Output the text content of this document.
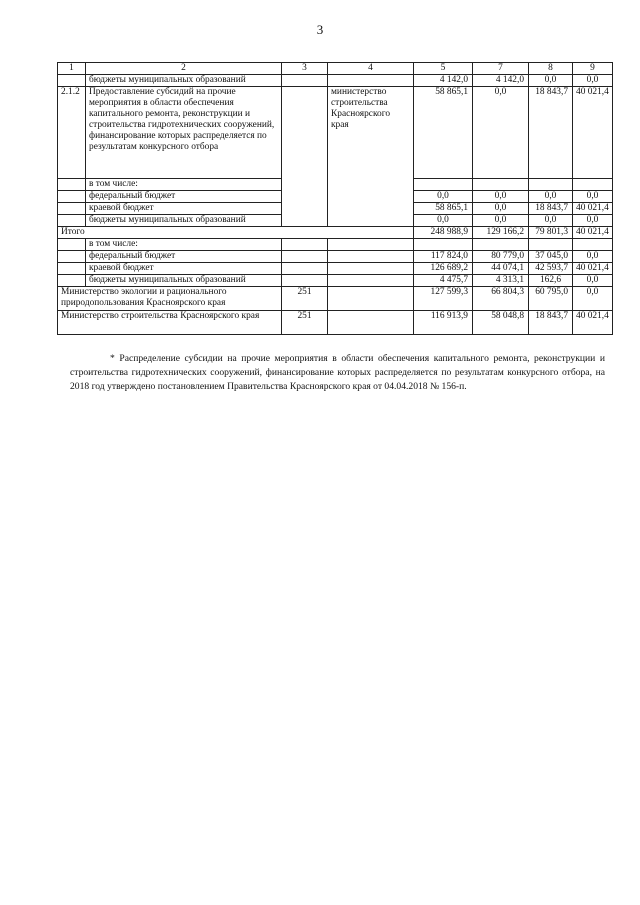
3
1	2	3	4	5	7	8	9
	бюджеты муниципальных образований			4 142,0	4 142,0	0,0	0,0
2.1.2	Предоставление субсидий на прочие мероприятия в области обеспечения капитального ремонта, реконструкции и строительства гидротехнических сооружений, финансирование которых распределяется по результатам конкурсного отбора		министерство строительства Красноярского края	58 865,1	0,0	18 843,7	40 021,4
	в том числе:						
	федеральный бюджет			0,0	0,0	0,0	0,0
	краевой бюджет			58 865,1	0,0	18 843,7	40 021,4
	бюджеты муниципальных образований			0,0	0,0	0,0	0,0
Итого				248 988,9	129 166,2	79 801,3	40 021,4
	в том числе:						
	федеральный бюджет			117 824,0	80 779,0	37 045,0	0,0
	краевой бюджет			126 689,2	44 074,1	42 593,7	40 021,4
	бюджеты муниципальных образований			4 475,7	4 313,1	162,6	0,0
Министерство экологии и рационального природопользования Красноярского края		251		127 599,3	66 804,3	60 795,0	0,0
Министерство строительства Красноярского края		251		116 913,9	58 048,8	18 843,7	40 021,4
* Распределение субсидии на прочие мероприятия в области обеспечения капитального ремонта, реконструкции и строительства гидротехнических сооружений, финансирование которых распределяется по результатам конкурсного отбора, на 2018 год утверждено постановлением Правительства Красноярского края от 04.04.2018 № 156-п.
